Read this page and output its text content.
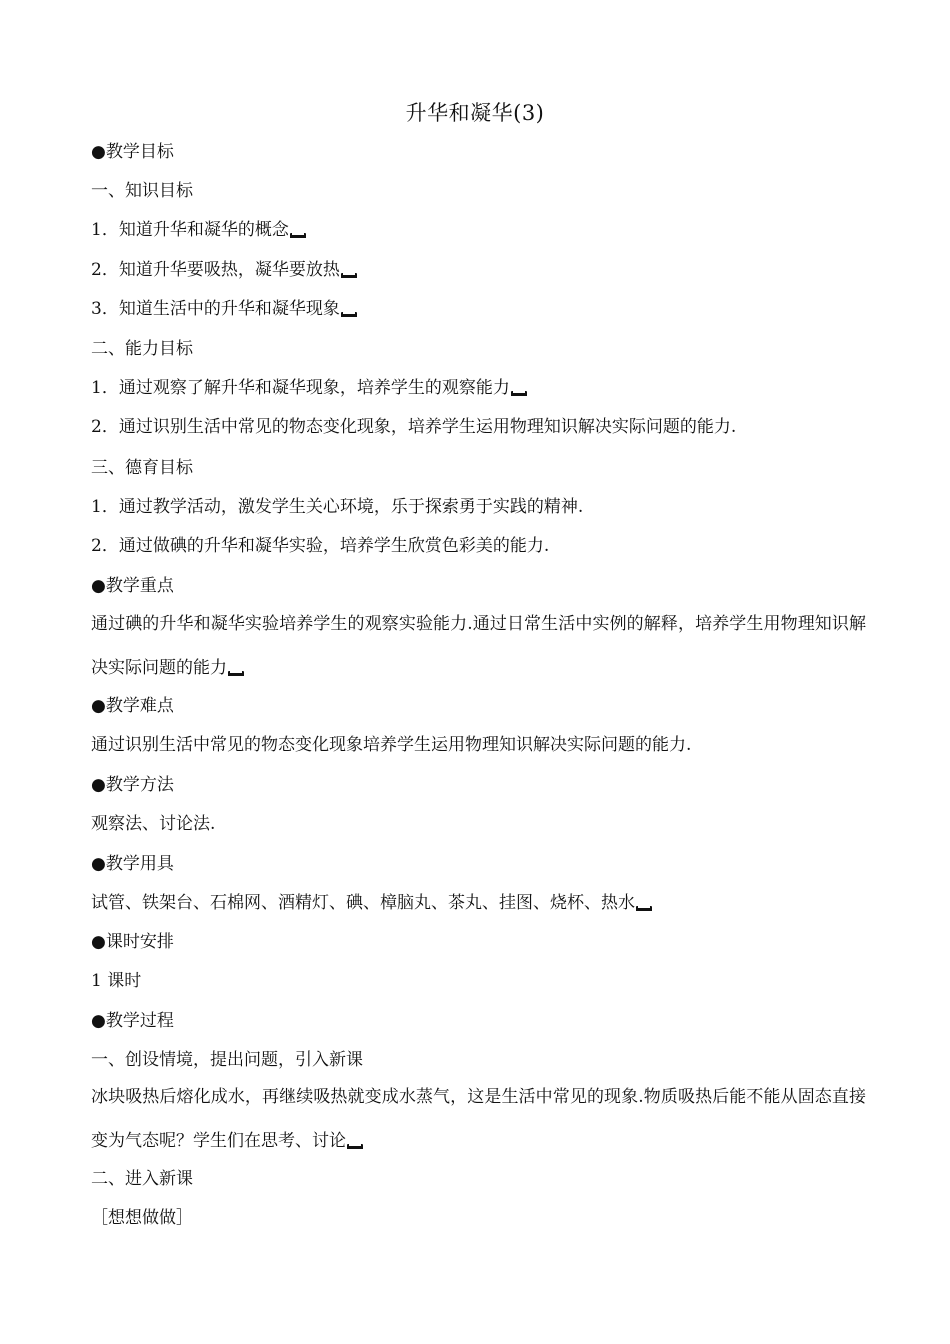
升华和凝华(3)
●教学目标
一、知识目标
1．知道升华和凝华的概念
2．知道升华要吸热，凝华要放热
3．知道生活中的升华和凝华现象
二、能力目标
1．通过观察了解升华和凝华现象，培养学生的观察能力
2．通过识别生活中常见的物态变化现象，培养学生运用物理知识解决实际问题的能力.
三、德育目标
1．通过教学活动，激发学生关心环境，乐于探索勇于实践的精神.
2．通过做碘的升华和凝华实验，培养学生欣赏色彩美的能力.
●教学重点
通过碘的升华和凝华实验培养学生的观察实验能力.通过日常生活中实例的解释，培养学生用物理知识解决实际问题的能力
●教学难点
通过识别生活中常见的物态变化现象培养学生运用物理知识解决实际问题的能力.
●教学方法
观察法、讨论法.
●教学用具
试管、铁架台、石棉网、酒精灯、碘、樟脑丸、茶丸、挂图、烧杯、热水
●课时安排
1 课时
●教学过程
一、创设情境，提出问题，引入新课
冰块吸热后熔化成水，再继续吸热就变成水蒸气，这是生活中常见的现象.物质吸热后能不能从固态直接变为气态呢？学生们在思考、讨论
二、进入新课
［想想做做］
